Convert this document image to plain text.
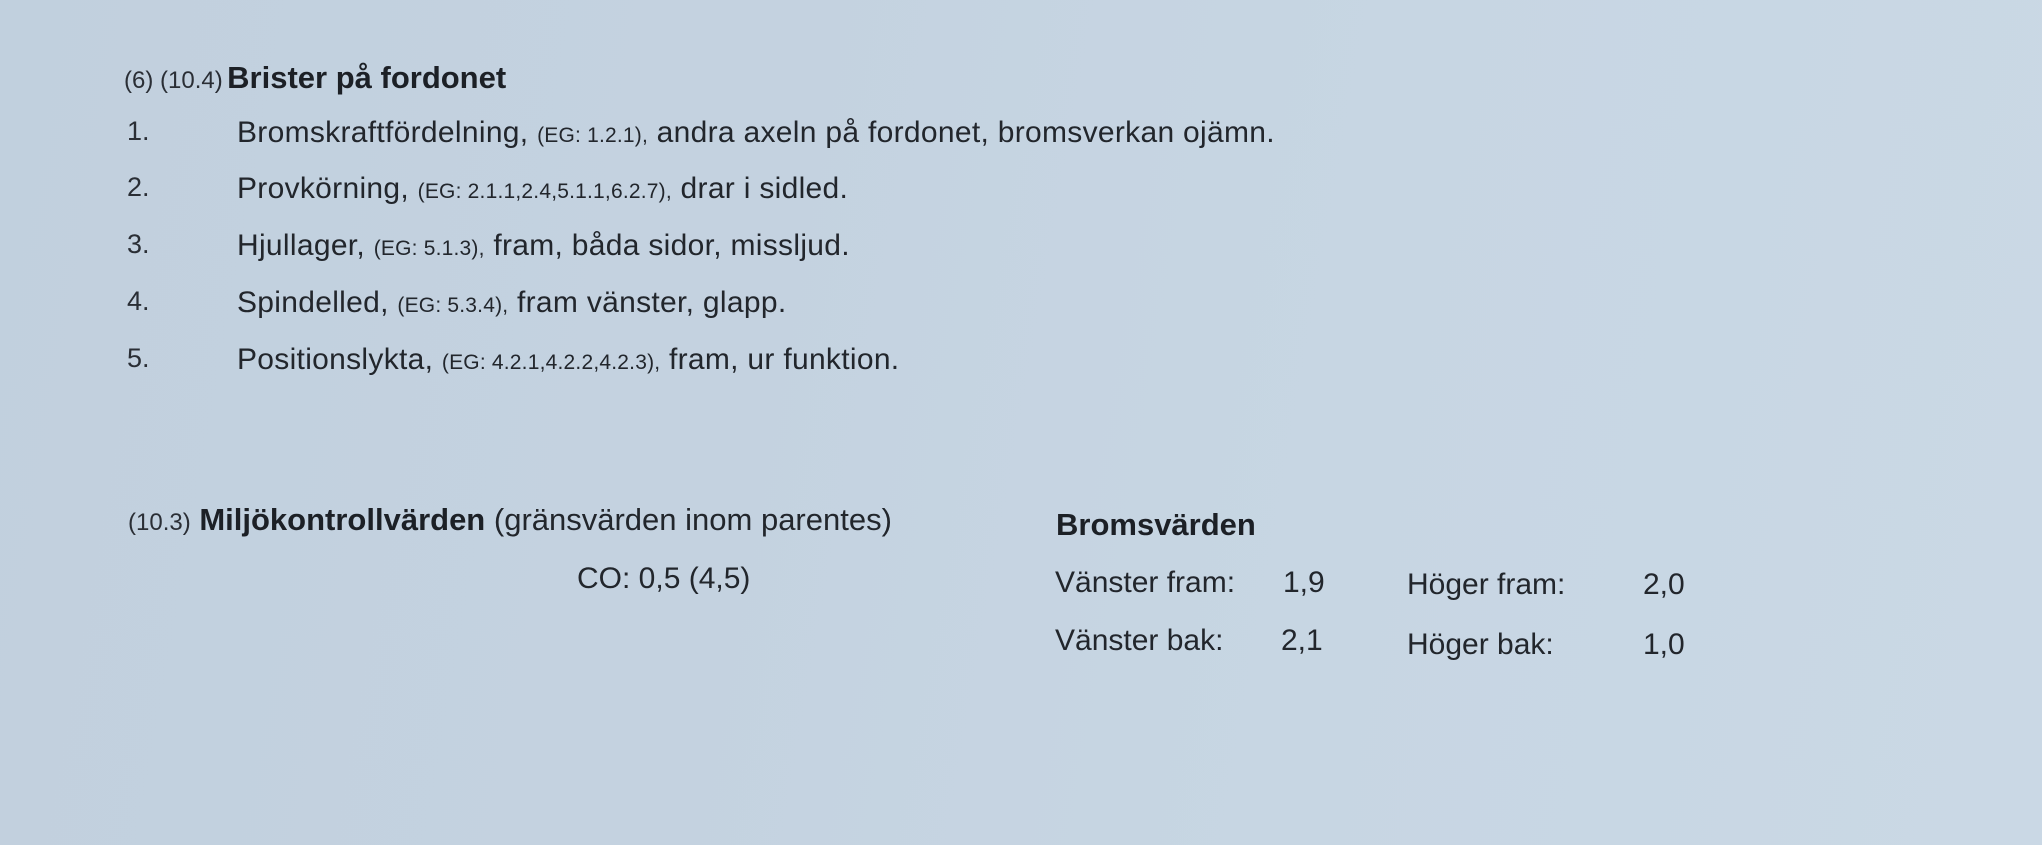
(6) (10.4) Brister på fordonet
1.	Bromskraftfördelning, (EG: 1.2.1), andra axeln på fordonet, bromsverkan ojämn.
2.	Provkörning, (EG: 2.1.1,2.4,5.1.1,6.2.7), drar i sidled.
3.	Hjullager, (EG: 5.1.3), fram, båda sidor, missljud.
4.	Spindelled, (EG: 5.3.4), fram vänster, glapp.
5.	Positionslykta, (EG: 4.2.1,4.2.2,4.2.3), fram, ur funktion.
(10.3) Miljökontrollvärden (gränsvärden inom parentes)
CO: 0,5 (4,5)
Bromsvärden
Vänster fram: 1,9	Höger fram:	2,0
Vänster bak: 2,1	Höger bak:	1,0
